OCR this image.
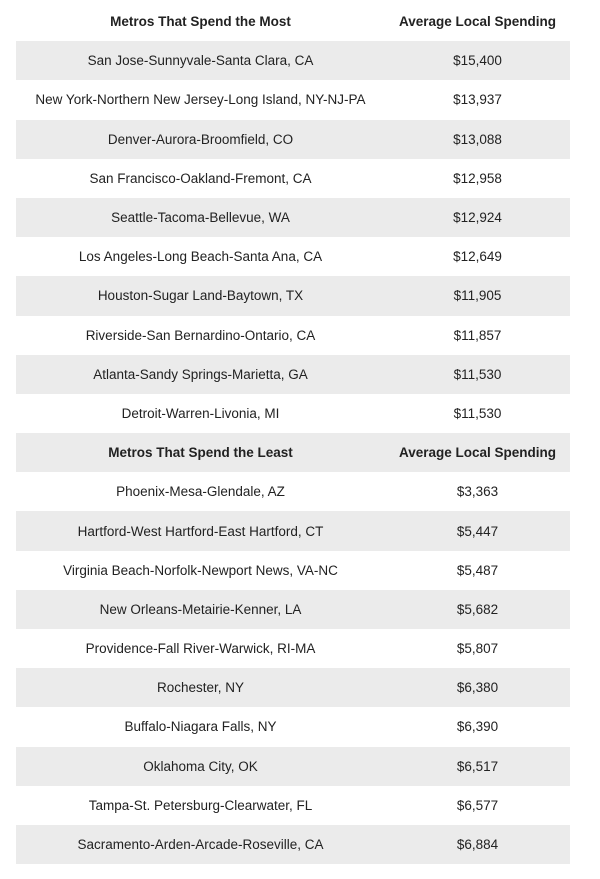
Metros That Spend the Most	Average Local Spending
San Jose-Sunnyvale-Santa Clara, CA	$15,400
New York-Northern New Jersey-Long Island, NY-NJ-PA	$13,937
Denver-Aurora-Broomfield, CO	$13,088
San Francisco-Oakland-Fremont, CA	$12,958
Seattle-Tacoma-Bellevue, WA	$12,924
Los Angeles-Long Beach-Santa Ana, CA	$12,649
Houston-Sugar Land-Baytown, TX	$11,905
Riverside-San Bernardino-Ontario, CA	$11,857
Atlanta-Sandy Springs-Marietta, GA	$11,530
Detroit-Warren-Livonia, MI	$11,530
Metros That Spend the Least	Average Local Spending
Phoenix-Mesa-Glendale, AZ	$3,363
Hartford-West Hartford-East Hartford, CT	$5,447
Virginia Beach-Norfolk-Newport News, VA-NC	$5,487
New Orleans-Metairie-Kenner, LA	$5,682
Providence-Fall River-Warwick, RI-MA	$5,807
Rochester, NY	$6,380
Buffalo-Niagara Falls, NY	$6,390
Oklahoma City, OK	$6,517
Tampa-St. Petersburg-Clearwater, FL	$6,577
Sacramento-Arden-Arcade-Roseville, CA	$6,884
